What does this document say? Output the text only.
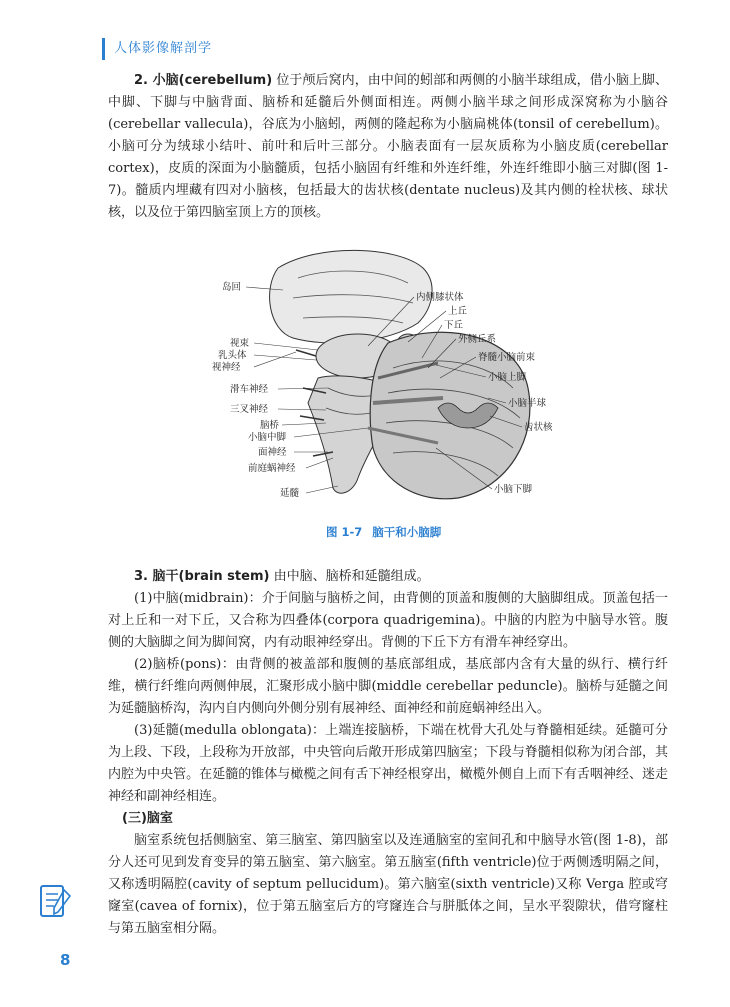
人体影像解剖学

2. 小脑(cerebellum) 位于颅后窝内，由中间的蚓部和两侧的小脑半球组成，借小脑上脚、中脚、下脚与中脑背面、脑桥和延髓后外侧面相连。两侧小脑半球之间形成深窝称为小脑谷(cerebellar vallecula)，谷底为小脑蚓，两侧的隆起称为小脑扁桃体(tonsil of cerebellum)。小脑可分为绒球小结叶、前叶和后叶三部分。小脑表面有一层灰质称为小脑皮质(cerebellar cortex)，皮质的深面为小脑髓质，包括小脑固有纤维和外连纤维，外连纤维即小脑三对脚(图 1-7)。髓质内埋藏有四对小脑核，包括最大的齿状核(dentate nucleus)及其内侧的栓状核、球状核，以及位于第四脑室顶上方的顶核。

岛回
视束
乳头体
视神经
滑车神经
三叉神经
脑桥
小脑中脚
面神经
前庭蜗神经
延髓
内侧膝状体
上丘
下丘
外侧丘系
脊髓小脑前束
小脑上脚
小脑半球
齿状核
小脑下脚
图 1-7 脑干和小脑脚

3. 脑干(brain stem) 由中脑、脑桥和延髓组成。

(1)中脑(midbrain)：介于间脑与脑桥之间，由背侧的顶盖和腹侧的大脑脚组成。顶盖包括一对上丘和一对下丘，又合称为四叠体(corpora quadrigemina)。中脑的内腔为中脑导水管。腹侧的大脑脚之间为脚间窝，内有动眼神经穿出。背侧的下丘下方有滑车神经穿出。

(2)脑桥(pons)：由背侧的被盖部和腹侧的基底部组成，基底部内含有大量的纵行、横行纤维，横行纤维向两侧伸展，汇聚形成小脑中脚(middle cerebellar peduncle)。脑桥与延髓之间为延髓脑桥沟，沟内自内侧向外侧分别有展神经、面神经和前庭蜗神经出入。

(3)延髓(medulla oblongata)：上端连接脑桥，下端在枕骨大孔处与脊髓相延续。延髓可分为上段、下段，上段称为开放部，中央管向后敞开形成第四脑室；下段与脊髓相似称为闭合部，其内腔为中央管。在延髓的锥体与橄榄之间有舌下神经根穿出，橄榄外侧自上而下有舌咽神经、迷走神经和副神经相连。

(三)脑室

脑室系统包括侧脑室、第三脑室、第四脑室以及连通脑室的室间孔和中脑导水管(图 1-8)，部分人还可见到发育变异的第五脑室、第六脑室。第五脑室(fifth ventricle)位于两侧透明隔之间，又称透明隔腔(cavity of septum pellucidum)。第六脑室(sixth ventricle)又称 Verga 腔或穹窿室(cavea of fornix)，位于第五脑室后方的穹窿连合与胼胝体之间，呈水平裂隙状，借穹窿柱与第五脑室相分隔。

8
